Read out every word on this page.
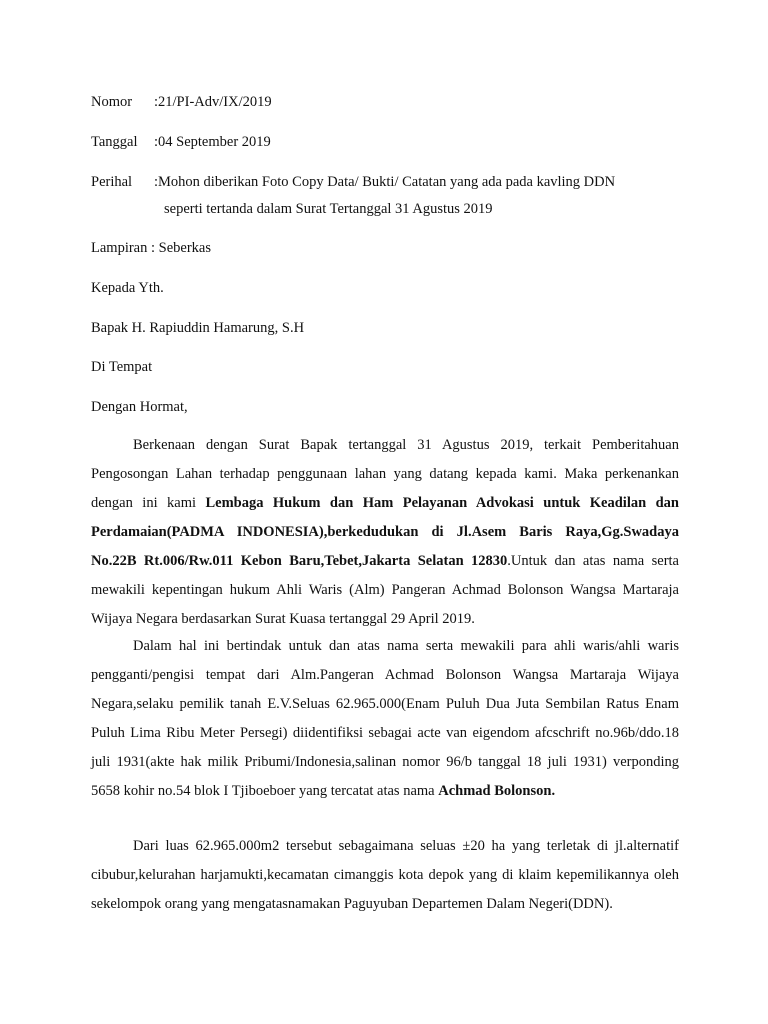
Nomor :21/PI-Adv/IX/2019
Tanggal :04 September 2019
Perihal :Mohon diberikan Foto Copy Data/ Bukti/ Catatan yang ada pada kavling DDN
seperti tertanda dalam Surat Tertanggal 31 Agustus 2019
Lampiran : Seberkas
Kepada Yth.
Bapak H. Rapiuddin Hamarung, S.H
Di Tempat
Dengan Hormat,
Berkenaan dengan Surat Bapak tertanggal 31 Agustus 2019, terkait Pemberitahuan Pengosongan Lahan terhadap penggunaan lahan yang datang kepada kami. Maka perkenankan dengan ini kami Lembaga Hukum dan Ham Pelayanan Advokasi untuk Keadilan dan Perdamaian(PADMA INDONESIA),berkedudukan di Jl.Asem Baris Raya,Gg.Swadaya No.22B Rt.006/Rw.011 Kebon Baru,Tebet,Jakarta Selatan 12830.Untuk dan atas nama serta mewakili kepentingan hukum Ahli Waris (Alm) Pangeran Achmad Bolonson Wangsa Martaraja Wijaya Negara berdasarkan Surat Kuasa tertanggal 29 April 2019.
Dalam hal ini bertindak untuk dan atas nama serta mewakili para ahli waris/ahli waris pengganti/pengisi tempat dari Alm.Pangeran Achmad Bolonson Wangsa Martaraja Wijaya Negara,selaku pemilik tanah E.V.Seluas 62.965.000(Enam Puluh Dua Juta Sembilan Ratus Enam Puluh Lima Ribu Meter Persegi) diidentifiksi sebagai acte van eigendom afcschrift no.96b/ddo.18 juli 1931(akte hak milik Pribumi/Indonesia,salinan nomor 96/b tanggal 18 juli 1931) verponding 5658 kohir no.54 blok I Tjiboeboer yang tercatat atas nama Achmad Bolonson.
Dari luas 62.965.000m2 tersebut sebagaimana seluas ±20 ha yang terletak di jl.alternatif cibubur,kelurahan harjamukti,kecamatan cimanggis kota depok yang di klaim kepemilikannya oleh sekelompok orang yang mengatasnamakan Paguyuban Departemen Dalam Negeri(DDN).
